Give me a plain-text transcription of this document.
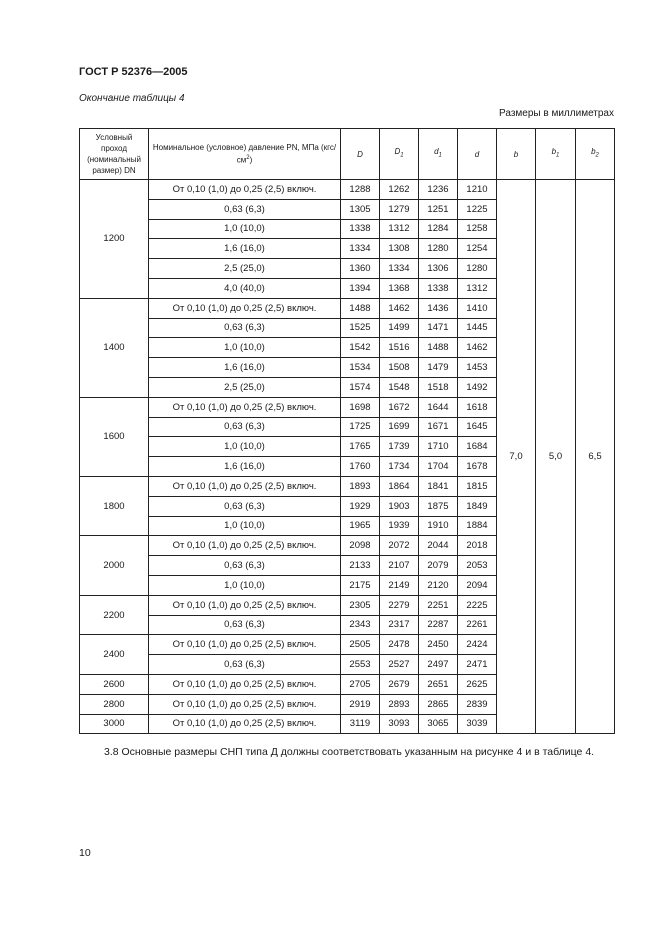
ГОСТ Р 52376—2005
Окончание таблицы 4
Размеры в миллиметрах
Условный проход (номинальный размер) DN	Номинальное (условное) давление PN, МПа $(кгс/см^2)$	D	$D_1$	$d_1$	d	b	$b_1$	$b_2$
1200	От 0,10 (1,0) до 0,25 (2,5) включ.	1288	1262	1236	1210	7,0	5,0	6,5
	0,63 (6,3)	1305	1279	1251	1225			
	1,0 (10,0)	1338	1312	1284	1258			
	1,6 (16,0)	1334	1308	1280	1254			
	2,5 (25,0)	1360	1334	1306	1280			
	4,0 (40,0)	1394	1368	1338	1312			
1400	От 0,10 (1,0) до 0,25 (2,5) включ.	1488	1462	1436	1410			
	0,63 (6,3)	1525	1499	1471	1445			
	1,0 (10,0)	1542	1516	1488	1462			
	1,6 (16,0)	1534	1508	1479	1453			
	2,5 (25,0)	1574	1548	1518	1492			
1600	От 0,10 (1,0) до 0,25 (2,5) включ.	1698	1672	1644	1618			
	0,63 (6,3)	1725	1699	1671	1645			
	1,0 (10,0)	1765	1739	1710	1684			
	1,6 (16,0)	1760	1734	1704	1678			
1800	От 0,10 (1,0) до 0,25 (2,5) включ.	1893	1864	1841	1815			
	0,63 (6,3)	1929	1903	1875	1849			
	1,0 (10,0)	1965	1939	1910	1884			
2000	От 0,10 (1,0) до 0,25 (2,5) включ.	2098	2072	2044	2018			
	0,63 (6,3)	2133	2107	2079	2053			
	1,0 (10,0)	2175	2149	2120	2094			
2200	От 0,10 (1,0) до 0,25 (2,5) включ.	2305	2279	2251	2225			
	0,63 (6,3)	2343	2317	2287	2261			
2400	От 0,10 (1,0) до 0,25 (2,5) включ.	2505	2478	2450	2424			
	0,63 (6,3)	2553	2527	2497	2471			
2600	От 0,10 (1,0) до 0,25 (2,5) включ.	2705	2679	2651	2625			
2800	От 0,10 (1,0) до 0,25 (2,5) включ.	2919	2893	2865	2839			
3000	От 0,10 (1,0) до 0,25 (2,5) включ.	3119	3093	3065	3039			
3.8 Основные размеры СНП типа Д должны соответствовать указанным на рисунке 4 и в таблице 4.
10
